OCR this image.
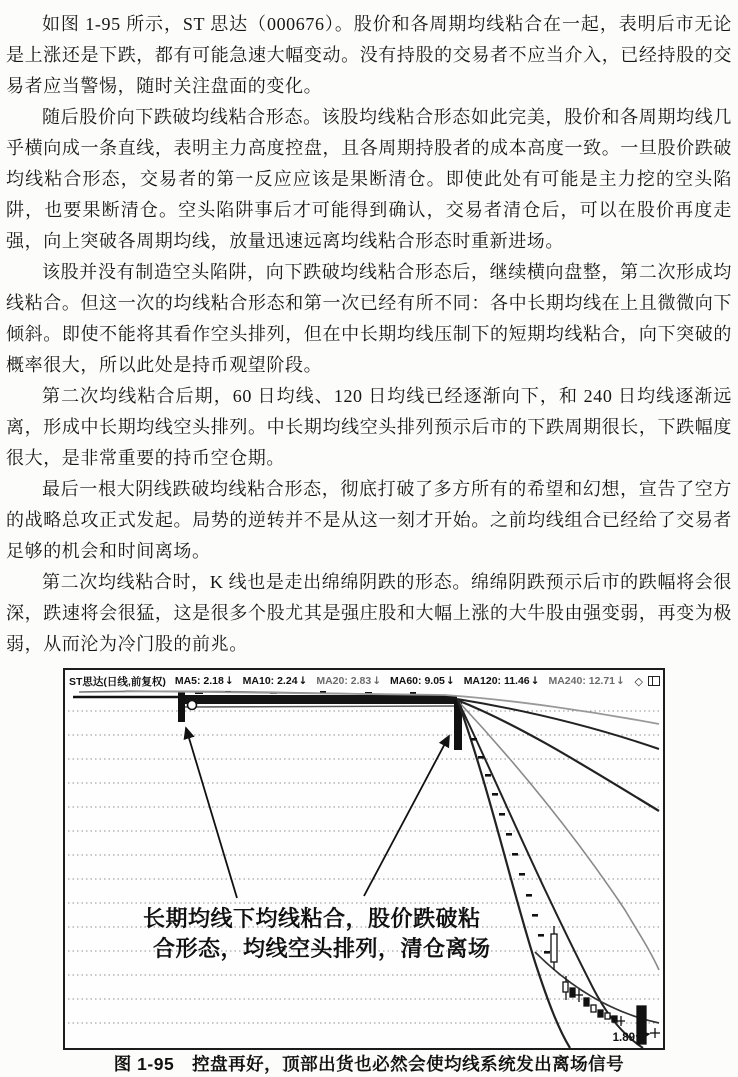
如图 1-95 所示，ST 思达（000676）。股价和各周期均线粘合在一起，表明后市无论是上涨还是下跌，都有可能急速大幅变动。没有持股的交易者不应当介入，已经持股的交易者应当警惕，随时关注盘面的变化。

随后股价向下跌破均线粘合形态。该股均线粘合形态如此完美，股价和各周期均线几乎横向成一条直线，表明主力高度控盘，且各周期持股者的成本高度一致。一旦股价跌破均线粘合形态，交易者的第一反应应该是果断清仓。即使此处有可能是主力挖的空头陷阱，也要果断清仓。空头陷阱事后才可能得到确认，交易者清仓后，可以在股价再度走强，向上突破各周期均线，放量迅速远离均线粘合形态时重新进场。

该股并没有制造空头陷阱，向下跌破均线粘合形态后，继续横向盘整，第二次形成均线粘合。但这一次的均线粘合形态和第一次已经有所不同：各中长期均线在上且微微向下倾斜。即使不能将其看作空头排列，但在中长期均线压制下的短期均线粘合，向下突破的概率很大，所以此处是持币观望阶段。

第二次均线粘合后期，60 日均线、120 日均线已经逐渐向下，和 240 日均线逐渐远离，形成中长期均线空头排列。中长期均线空头排列预示后市的下跌周期很长，下跌幅度很大，是非常重要的持币空仓期。

最后一根大阴线跌破均线粘合形态，彻底打破了多方所有的希望和幻想，宣告了空方的战略总攻正式发起。局势的逆转并不是从这一刻才开始。之前均线组合已经给了交易者足够的机会和时间离场。

第二次均线粘合时，K 线也是走出绵绵阴跌的形态。绵绵阴跌预示后市的跌幅将会很深，跌速将会很猛，这是很多个股尤其是强庄股和大幅上涨的大牛股由强变弱，再变为极弱，从而沦为冷门股的前兆。

ST思达(日线,前复权) MA5: 2.18↓ MA10: 2.24↓ MA20: 2.83↓ MA60: 9.05↓ MA120: 11.46↓ MA240: 12.71↓ ◇
1.89
长期均线下均线粘合，股价跌破粘
合形态，均线空头排列，清仓离场
图 1-95　控盘再好，顶部出货也必然会使均线系统发出离场信号
